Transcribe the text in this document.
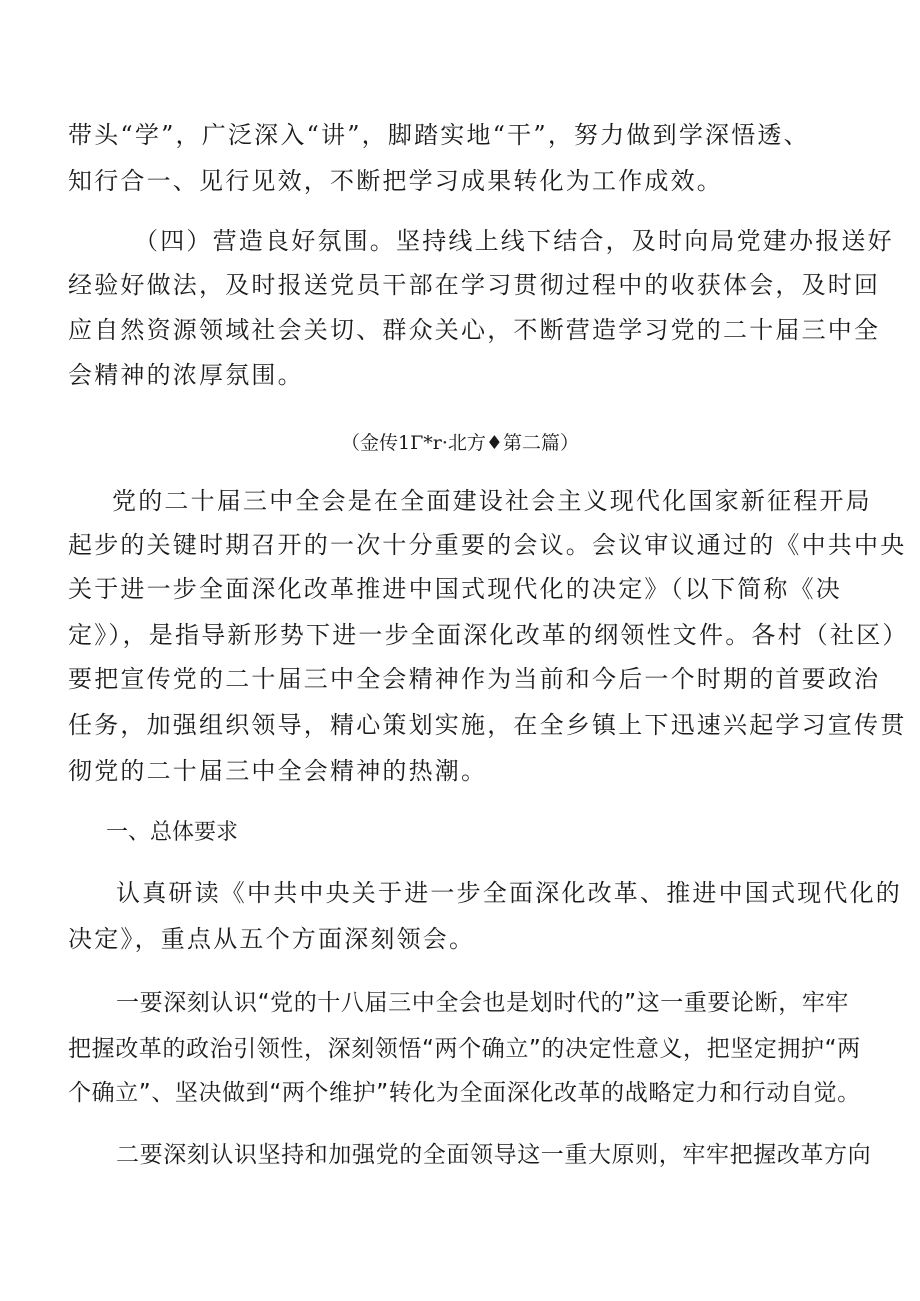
带头“学”，广泛深入“讲”，脚踏实地“干”，努力做到学深悟透、

知行合一、见行见效，不断把学习成果转化为工作成效。

（四）营造良好氛围。坚持线上线下结合，及时向局党建办报送好

经验好做法，及时报送党员干部在学习贯彻过程中的收获体会，及时回

应自然资源领域社会关切、群众关心，不断营造学习党的二十届三中全

会精神的浓厚氛围。

（金传1Γ*r·北方♦第二篇）

党的二十届三中全会是在全面建设社会主义现代化国家新征程开局

起步的关键时期召开的一次十分重要的会议。会议审议通过的《中共中央

关于进一步全面深化改革推进中国式现代化的决定》（以下简称《决

定》），是指导新形势下进一步全面深化改革的纲领性文件。各村（社区）

要把宣传党的二十届三中全会精神作为当前和今后一个时期的首要政治

任务，加强组织领导，精心策划实施，在全乡镇上下迅速兴起学习宣传贯

彻党的二十届三中全会精神的热潮。

一、总体要求

认真研读《中共中央关于进一步全面深化改革、推进中国式现代化的

决定》，重点从五个方面深刻领会。

一要深刻认识“党的十八届三中全会也是划时代的”这一重要论断，牢牢

把握改革的政治引领性，深刻领悟“两个确立”的决定性意义，把坚定拥护“两

个确立”、坚决做到“两个维护”转化为全面深化改革的战略定力和行动自觉。

二要深刻认识坚持和加强党的全面领导这一重大原则，牢牢把握改革方向
